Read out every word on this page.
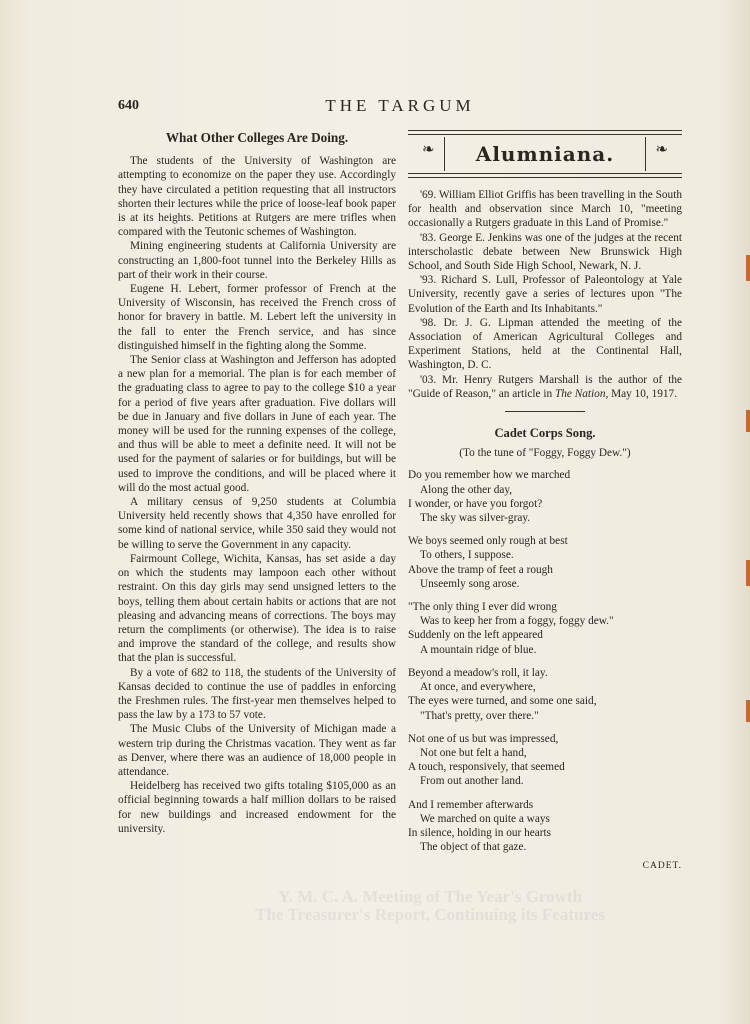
640	THE TARGUM
What Other Colleges Are Doing.

The students of the University of Washington are attempting to economize on the paper they use. Accordingly they have circulated a petition requesting that all instructors shorten their lectures while the price of loose-leaf book paper is at its heights. Petitions at Rutgers are mere trifles when compared with the Teutonic schemes of Washington.

Mining engineering students at California University are constructing an 1,800-foot tunnel into the Berkeley Hills as part of their work in their course.

Eugene H. Lebert, former professor of French at the University of Wisconsin, has received the French cross of honor for bravery in battle. M. Lebert left the university in the fall to enter the French service, and has since distinguished himself in the fighting along the Somme.

The Senior class at Washington and Jefferson has adopted a new plan for a memorial. The plan is for each member of the graduating class to agree to pay to the college $10 a year for a period of five years after graduation. Five dollars will be due in January and five dollars in June of each year. The money will be used for the running expenses of the college, and thus will be able to meet a definite need. It will not be used for the payment of salaries or for buildings, but will be used to improve the conditions, and will be placed where it will do the most actual good.

A military census of 9,250 students at Columbia University held recently shows that 4,350 have enrolled for some kind of national service, while 350 said they would not be willing to serve the Government in any capacity.

Fairmount College, Wichita, Kansas, has set aside a day on which the students may lampoon each other without restraint. On this day girls may send unsigned letters to the boys, telling them about certain habits or actions that are not pleasing and advancing means of corrections. The boys may return the compliments (or otherwise). The idea is to raise and improve the standard of the college, and results show that the plan is successful.

By a vote of 682 to 118, the students of the University of Kansas decided to continue the use of paddles in enforcing the Freshmen rules. The first-year men themselves helped to pass the law by a 173 to 57 vote.

The Music Clubs of the University of Michigan made a western trip during the Christmas vacation. They went as far as Denver, where there was an audience of 18,000 people in attendance.

Heidelberg has received two gifts totaling $105,000 as an official beginning towards a half million dollars to be raised for new buildings and increased endowment for the university.

❧	Alumniana.	❧

'69. William Elliot Griffis has been travelling in the South for health and observation since March 10, "meeting occasionally a Rutgers graduate in this Land of Promise."

'83. George E. Jenkins was one of the judges at the recent interscholastic debate between New Brunswick High School, and South Side High School, Newark, N. J.

'93. Richard S. Lull, Professor of Paleontology at Yale University, recently gave a series of lectures upon "The Evolution of the Earth and Its Inhabitants."

'98. Dr. J. G. Lipman attended the meeting of the Association of American Agricultural Colleges and Experiment Stations, held at the Continental Hall, Washington, D. C.

'03. Mr. Henry Rutgers Marshall is the author of the "Guide of Reason," an article in The Nation, May 10, 1917.

Cadet Corps Song.
(To the tune of "Foggy, Foggy Dew.")
Do you remember how we marched
Along the other day,
I wonder, or have you forgot?
The sky was silver-gray.
We boys seemed only rough at best
To others, I suppose.
Above the tramp of feet a rough
Unseemly song arose.
"The only thing I ever did wrong
Was to keep her from a foggy, foggy dew."
Suddenly on the left appeared
A mountain ridge of blue.
Beyond a meadow's roll, it lay.
At once, and everywhere,
The eyes were turned, and some one said,
"That's pretty, over there."
Not one of us but was impressed,
Not one but felt a hand,
A touch, responsively, that seemed
From out another land.
And I remember afterwards
We marched on quite a ways
In silence, holding in our hearts
The object of that gaze.
CADET.
Y. M. C. A. Meeting of The Year's Growth
The Treasurer's Report, Continuing its Features
